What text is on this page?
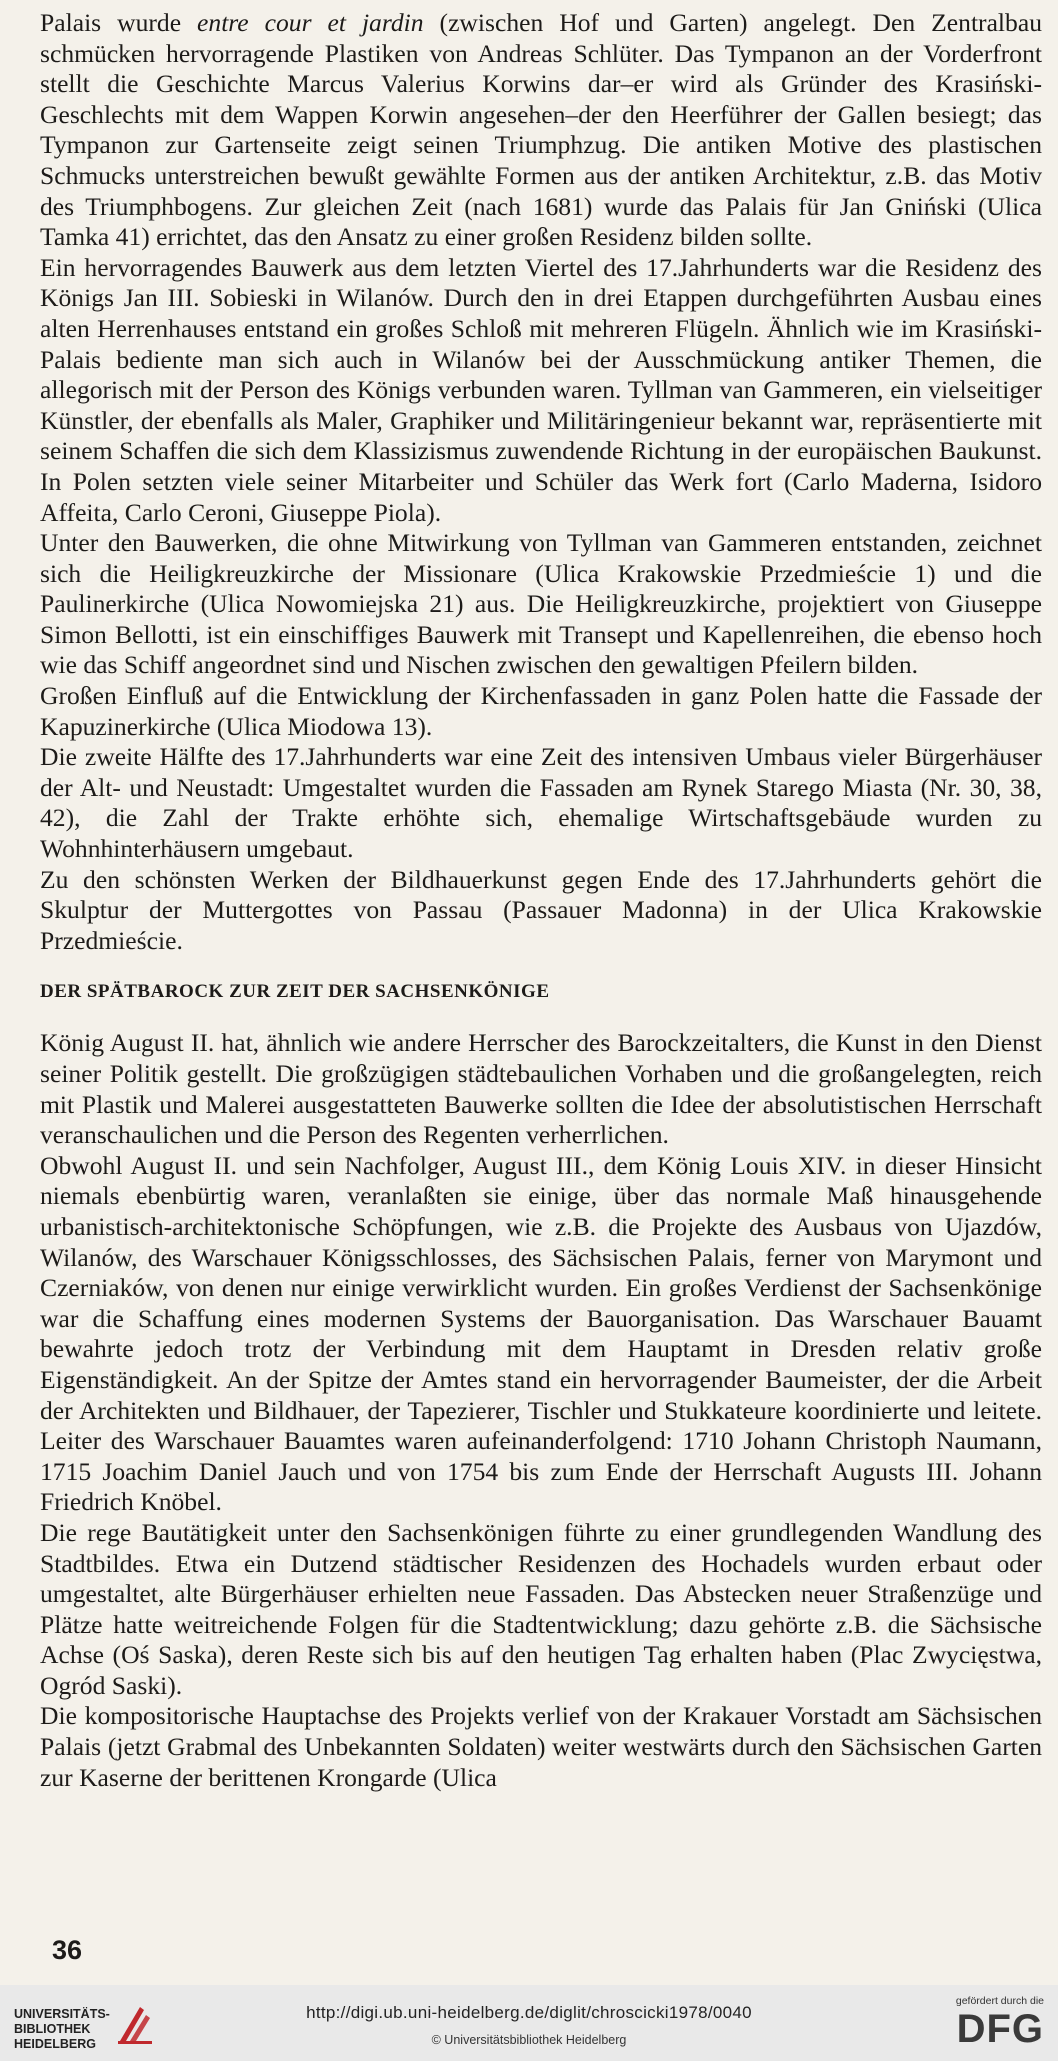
Palais wurde entre cour et jardin (zwischen Hof und Garten) angelegt. Den Zentralbau schmücken hervorragende Plastiken von Andreas Schlüter. Das Tympanon an der Vorderfront stellt die Geschichte Marcus Valerius Korwins dar–er wird als Gründer des Krasiński-Geschlechts mit dem Wappen Korwin angesehen–der den Heerführer der Gallen besiegt; das Tympanon zur Gartenseite zeigt seinen Triumphzug. Die antiken Motive des plastischen Schmucks unterstreichen bewußt gewählte Formen aus der antiken Architektur, z.B. das Motiv des Triumphbogens. Zur gleichen Zeit (nach 1681) wurde das Palais für Jan Gniński (Ulica Tamka 41) errichtet, das den Ansatz zu einer großen Residenz bilden sollte.

Ein hervorragendes Bauwerk aus dem letzten Viertel des 17.Jahrhunderts war die Residenz des Königs Jan III. Sobieski in Wilanów. Durch den in drei Etappen durchgeführten Ausbau eines alten Herrenhauses entstand ein großes Schloß mit mehreren Flügeln. Ähnlich wie im Krasiński-Palais bediente man sich auch in Wilanów bei der Ausschmückung antiker Themen, die allegorisch mit der Person des Königs verbunden waren. Tyllman van Gammeren, ein vielseitiger Künstler, der ebenfalls als Maler, Graphiker und Militäringenieur bekannt war, repräsentierte mit seinem Schaffen die sich dem Klassizismus zuwendende Richtung in der europäischen Baukunst. In Polen setzten viele seiner Mitarbeiter und Schüler das Werk fort (Carlo Maderna, Isidoro Affeita, Carlo Ceroni, Giuseppe Piola).

Unter den Bauwerken, die ohne Mitwirkung von Tyllman van Gammeren entstanden, zeichnet sich die Heiligkreuzkirche der Missionare (Ulica Krakowskie Przedmieście 1) und die Paulinerkirche (Ulica Nowomiejska 21) aus. Die Heiligkreuzkirche, projektiert von Giuseppe Simon Bellotti, ist ein einschiffiges Bauwerk mit Transept und Kapellenreihen, die ebenso hoch wie das Schiff angeordnet sind und Nischen zwischen den gewaltigen Pfeilern bilden.

Großen Einfluß auf die Entwicklung der Kirchenfassaden in ganz Polen hatte die Fassade der Kapuzinerkirche (Ulica Miodowa 13).

Die zweite Hälfte des 17.Jahrhunderts war eine Zeit des intensiven Umbaus vieler Bürgerhäuser der Alt- und Neustadt: Umgestaltet wurden die Fassaden am Rynek Starego Miasta (Nr. 30, 38, 42), die Zahl der Trakte erhöhte sich, ehemalige Wirtschaftsgebäude wurden zu Wohnhinterhäusern umgebaut.

Zu den schönsten Werken der Bildhauerkunst gegen Ende des 17.Jahrhunderts gehört die Skulptur der Muttergottes von Passau (Passauer Madonna) in der Ulica Krakowskie Przedmieście.

DER SPÄTBAROCK ZUR ZEIT DER SACHSENKÖNIGE

König August II. hat, ähnlich wie andere Herrscher des Barockzeitalters, die Kunst in den Dienst seiner Politik gestellt. Die großzügigen städtebaulichen Vorhaben und die großangelegten, reich mit Plastik und Malerei ausgestatteten Bauwerke sollten die Idee der absolutistischen Herrschaft veranschaulichen und die Person des Regenten verherrlichen.

Obwohl August II. und sein Nachfolger, August III., dem König Louis XIV. in dieser Hinsicht niemals ebenbürtig waren, veranlaßten sie einige, über das normale Maß hinausgehende urbanistisch-architektonische Schöpfungen, wie z.B. die Projekte des Ausbaus von Ujazdów, Wilanów, des Warschauer Königsschlosses, des Sächsischen Palais, ferner von Marymont und Czerniaków, von denen nur einige verwirklicht wurden. Ein großes Verdienst der Sachsenkönige war die Schaffung eines modernen Systems der Bauorganisation. Das Warschauer Bauamt bewahrte jedoch trotz der Verbindung mit dem Hauptamt in Dresden relativ große Eigenständigkeit. An der Spitze der Amtes stand ein hervorragender Baumeister, der die Arbeit der Architekten und Bildhauer, der Tapezierer, Tischler und Stukkateure koordinierte und leitete. Leiter des Warschauer Bauamtes waren aufeinanderfolgend: 1710 Johann Christoph Naumann, 1715 Joachim Daniel Jauch und von 1754 bis zum Ende der Herrschaft Augusts III. Johann Friedrich Knöbel.

Die rege Bautätigkeit unter den Sachsenkönigen führte zu einer grundlegenden Wandlung des Stadtbildes. Etwa ein Dutzend städtischer Residenzen des Hochadels wurden erbaut oder umgestaltet, alte Bürgerhäuser erhielten neue Fassaden. Das Abstecken neuer Straßenzüge und Plätze hatte weitreichende Folgen für die Stadtentwicklung; dazu gehörte z.B. die Sächsische Achse (Oś Saska), deren Reste sich bis auf den heutigen Tag erhalten haben (Plac Zwycięstwa, Ogród Saski).

Die kompositorische Hauptachse des Projekts verlief von der Krakauer Vorstadt am Sächsischen Palais (jetzt Grabmal des Unbekannten Soldaten) weiter westwärts durch den Sächsischen Garten zur Kaserne der berittenen Krongarde (Ulica

36
UNIVERSITÄTS-
BIBLIOTHEK
HEIDELBERG
http://digi.ub.uni-heidelberg.de/diglit/chroscicki1978/0040
© Universitätsbibliothek Heidelberg
gefördert durch die
DFG
